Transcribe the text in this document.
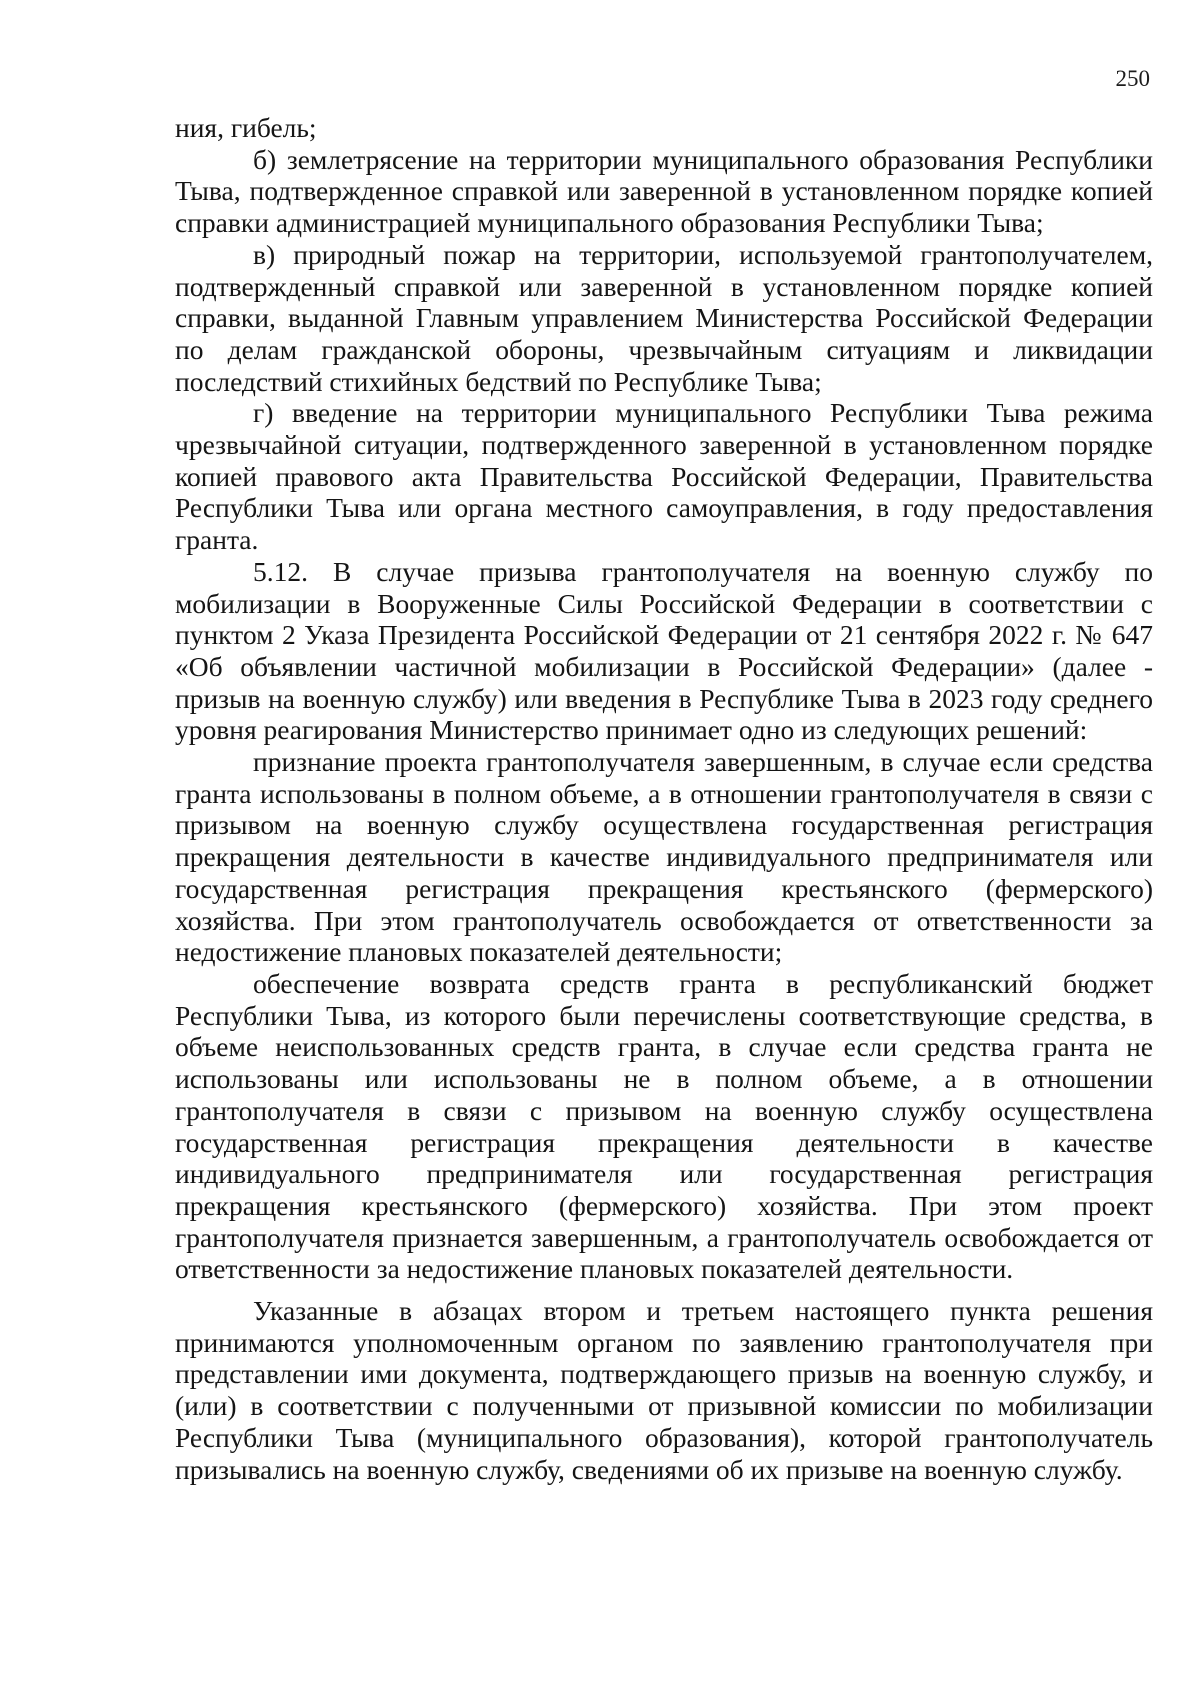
250

ния, гибель;

б) землетрясение на территории муниципального образования Республики Тыва, подтвержденное справкой или заверенной в установленном порядке копией справки администрацией муниципального образования Республики Тыва;

в) природный пожар на территории, используемой грантополучателем, подтвержденный справкой или заверенной в установленном порядке копией справки, выданной Главным управлением Министерства Российской Федерации по делам гражданской обороны, чрезвычайным ситуациям и ликвидации последствий стихийных бедствий по Республике Тыва;

г) введение на территории муниципального Республики Тыва режима чрезвычайной ситуации, подтвержденного заверенной в установленном порядке копией правового акта Правительства Российской Федерации, Правительства Республики Тыва или органа местного самоуправления, в году предоставления гранта.

5.12. В случае призыва грантополучателя на военную службу по мобилизации в Вооруженные Силы Российской Федерации в соответствии с пунктом 2 Указа Президента Российской Федерации от 21 сентября 2022 г. № 647 «Об объявлении частичной мобилизации в Российской Федерации» (далее - призыв на военную службу) или введения в Республике Тыва в 2023 году среднего уровня реагирования Министерство принимает одно из следующих решений:

признание проекта грантополучателя завершенным, в случае если средства гранта использованы в полном объеме, а в отношении грантополучателя в связи с призывом на военную службу осуществлена государственная регистрация прекращения деятельности в качестве индивидуального предпринимателя или государственная регистрация прекращения крестьянского (фермерского) хозяйства. При этом грантополучатель освобождается от ответственности за недостижение плановых показателей деятельности;

обеспечение возврата средств гранта в республиканский бюджет Республики Тыва, из которого были перечислены соответствующие средства, в объеме неиспользованных средств гранта, в случае если средства гранта не использованы или использованы не в полном объеме, а в отношении грантополучателя в связи с призывом на военную службу осуществлена государственная регистрация прекращения деятельности в качестве индивидуального предпринимателя или государственная регистрация прекращения крестьянского (фермерского) хозяйства. При этом проект грантополучателя признается завершенным, а грантополучатель освобождается от ответственности за недостижение плановых показателей деятельности.

Указанные в абзацах втором и третьем настоящего пункта решения принимаются уполномоченным органом по заявлению грантополучателя при представлении ими документа, подтверждающего призыв на военную службу, и (или) в соответствии с полученными от призывной комиссии по мобилизации Республики Тыва (муниципального образования), которой грантополучатель призывались на военную службу, сведениями об их призыве на военную службу.
